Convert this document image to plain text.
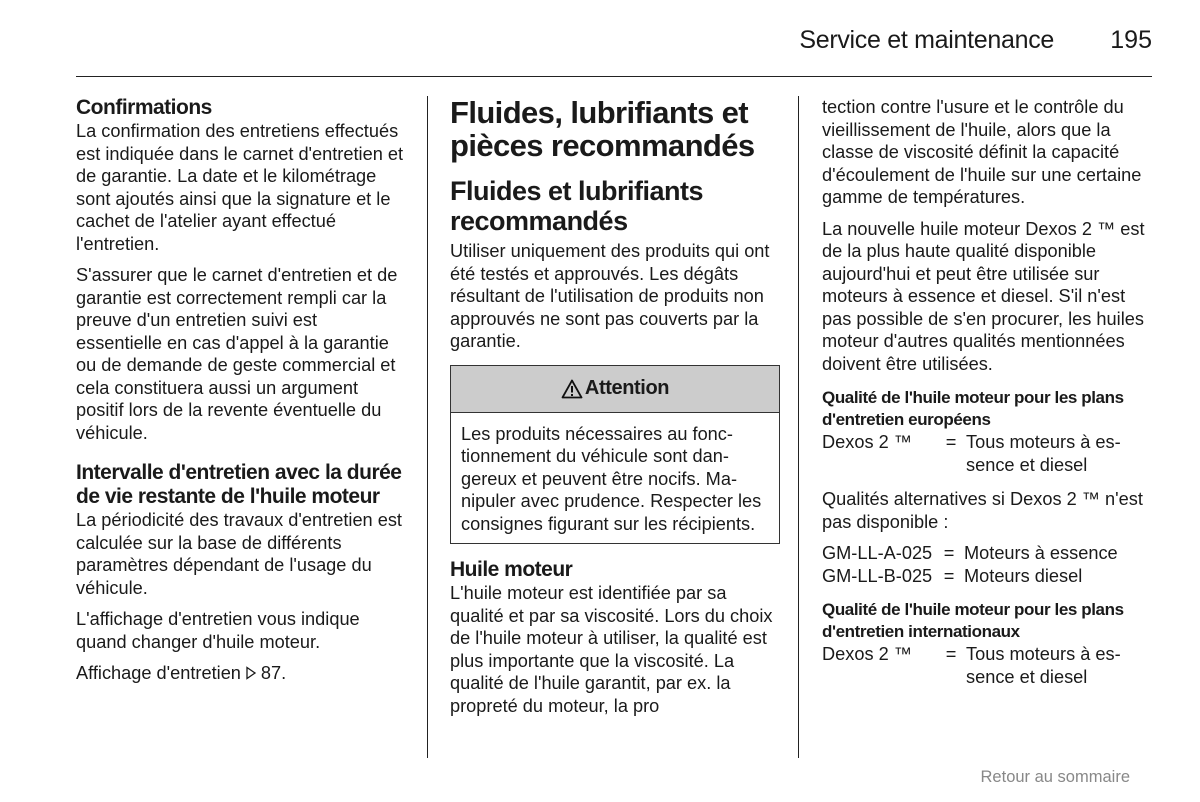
Service et maintenance 195
Confirmations

La confirmation des entretiens effectués est indiquée dans le carnet d'entretien et de garantie. La date et le kilométrage sont ajoutés ainsi que la signature et le cachet de l'atelier ayant effectué l'entretien.

S'assurer que le carnet d'entretien et de garantie est correctement rempli car la preuve d'un entretien suivi est essentielle en cas d'appel à la garantie ou de demande de geste commercial et cela constituera aussi un argument positif lors de la revente éventuelle du véhicule.

Intervalle d'entretien avec la durée de vie restante de l'huile moteur

La périodicité des travaux d'entretien est calculée sur la base de différents paramètres dépendant de l'usage du véhicule.

L'affichage d'entretien vous indique quand changer d'huile moteur.

Affichage d'entretien 87.

Fluides, lubrifiants et pièces recommandés
Fluides et lubrifiants recommandés

Utiliser uniquement des produits qui ont été testés et approuvés. Les dégâts résultant de l'utilisation de produits non approuvés ne sont pas couverts par la garantie.

Attention
Les produits nécessaires au fonctionnement du véhicule sont dangereux et peuvent être nocifs. Manipuler avec prudence. Respecter les consignes figurant sur les récipients.
Huile moteur

L'huile moteur est identifiée par sa qualité et par sa viscosité. Lors du choix de l'huile moteur à utiliser, la qualité est plus importante que la viscosité. La qualité de l'huile garantit, par ex. la propreté du moteur, la pro

tection contre l'usure et le contrôle du vieillissement de l'huile, alors que la classe de viscosité définit la capacité d'écoulement de l'huile sur une certaine gamme de températures.

La nouvelle huile moteur Dexos 2 ™ est de la plus haute qualité disponible aujourd'hui et peut être utilisée sur moteurs à essence et diesel. S'il n'est pas possible de s'en procurer, les huiles moteur d'autres qualités mentionnées doivent être utilisées.

Qualité de l'huile moteur pour les plans d'entretien européens
Dexos 2 ™	= Tous moteurs à essence et diesel

Qualités alternatives si Dexos 2 ™ n'est pas disponible :

GM-LL-A-025 = Moteurs à essence
GM-LL-B-025 = Moteurs diesel
Qualité de l'huile moteur pour les plans d'entretien internationaux
Dexos 2 ™	= Tous moteurs à essence et diesel
Retour au sommaire
